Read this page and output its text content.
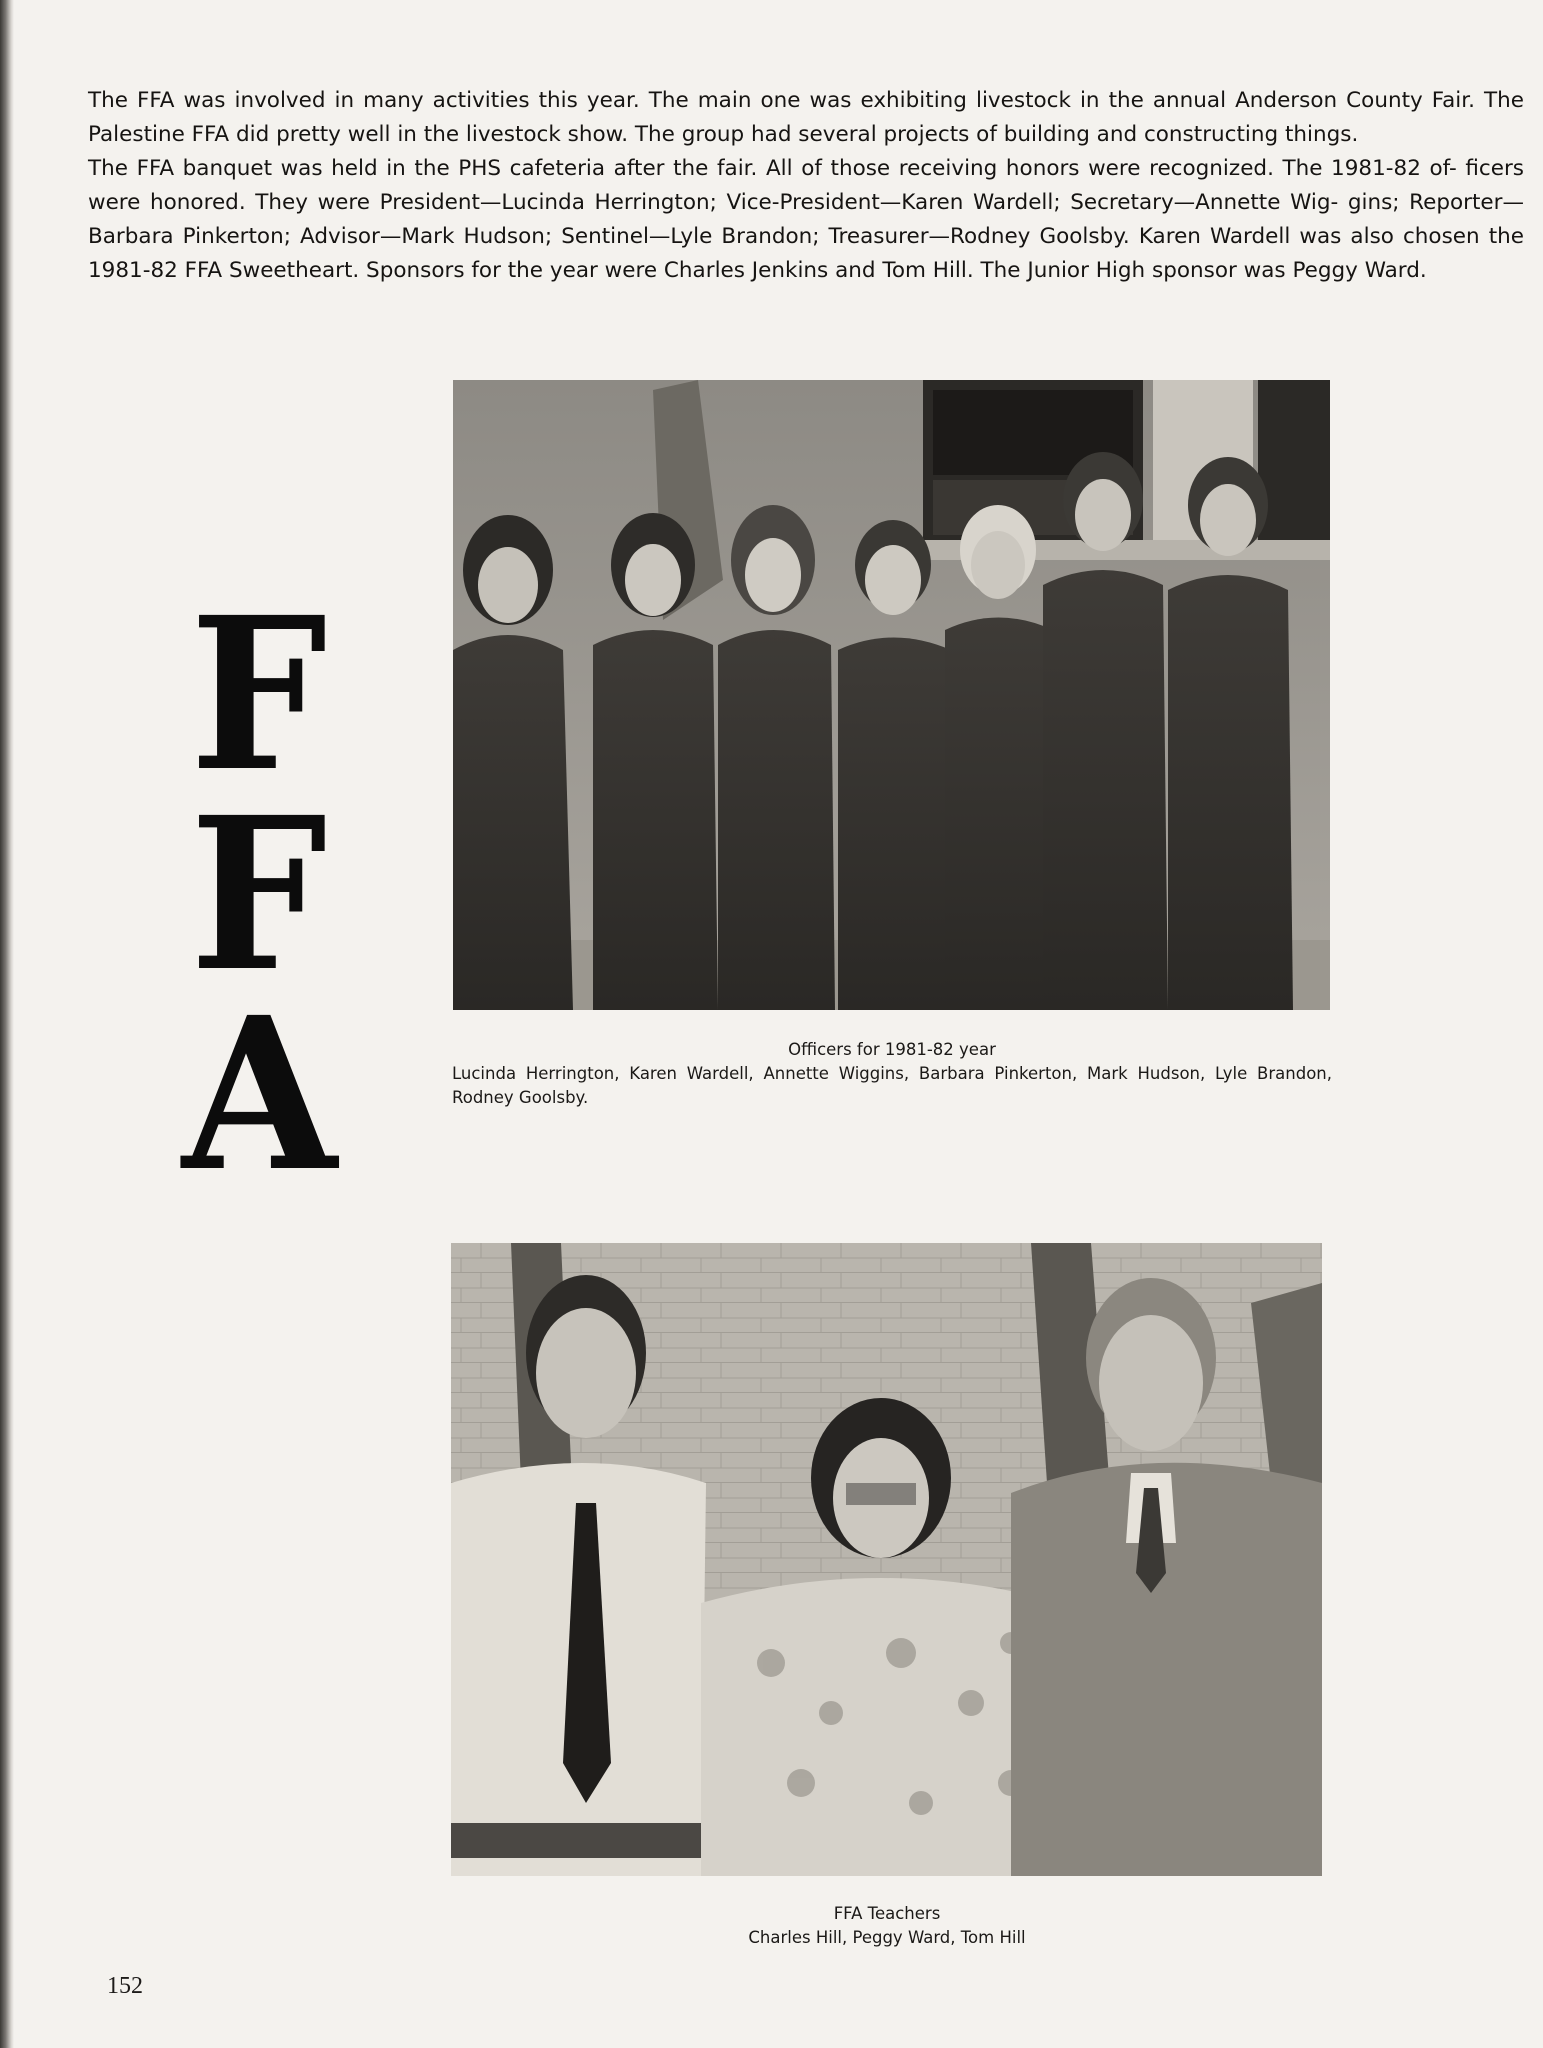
The FFA was involved in many activities this year. The main one was exhibiting livestock in the annual Anderson County Fair. The Palestine FFA did pretty well in the livestock show. The group had several projects of building and constructing things.

The FFA banquet was held in the PHS cafeteria after the fair. All of those receiving honors were recognized. The 1981-82 of- ficers were honored. They were President—Lucinda Herrington; Vice-President—Karen Wardell; Secretary—Annette Wig- gins; Reporter—Barbara Pinkerton; Advisor—Mark Hudson; Sentinel—Lyle Brandon; Treasurer—Rodney Goolsby. Karen Wardell was also chosen the 1981-82 FFA Sweetheart. Sponsors for the year were Charles Jenkins and Tom Hill. The Junior High sponsor was Peggy Ward.

F
F
A	Officers for 1981-82 year
Lucinda Herrington, Karen Wardell, Annette Wiggins, Barbara Pinkerton, Mark Hudson, Lyle Brandon, Rodney Goolsby.
FFA Teachers
Charles Hill, Peggy Ward, Tom Hill
152
